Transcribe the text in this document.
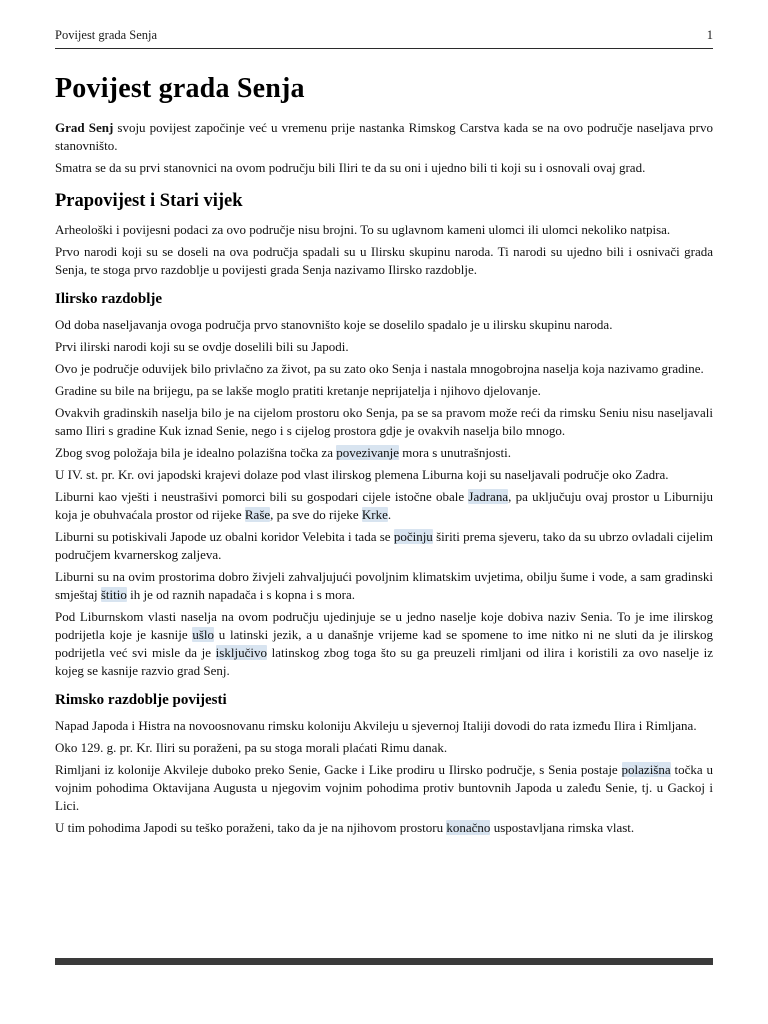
Povijest grada Senja	1
Povijest grada Senja

Grad Senj svoju povijest započinje već u vremenu prije nastanka Rimskog Carstva kada se na ovo područje naseljava prvo stanovništo.

Smatra se da su prvi stanovnici na ovom području bili Iliri te da su oni i ujedno bili ti koji su i osnovali ovaj grad.

Prapovijest i Stari vijek

Arheološki i povijesni podaci za ovo područje nisu brojni. To su uglavnom kameni ulomci ili ulomci nekoliko natpisa.

Prvo narodi koji su se doseli na ova područja spadali su u Ilirsku skupinu naroda. Ti narodi su ujedno bili i osnivači grada Senja, te stoga prvo razdoblje u povijesti grada Senja nazivamo Ilirsko razdoblje.

Ilirsko razdoblje

Od doba naseljavanja ovoga područja prvo stanovništo koje se doselilo spadalo je u ilirsku skupinu naroda.

Prvi ilirski narodi koji su se ovdje doselili bili su Japodi.

Ovo je područje oduvijek bilo privlačno za život, pa su zato oko Senja i nastala mnogobrojna naselja koja nazivamo gradine.

Gradine su bile na brijegu, pa se lakše moglo pratiti kretanje neprijatelja i njihovo djelovanje.

Ovakvih gradinskih naselja bilo je na cijelom prostoru oko Senja, pa se sa pravom može reći da rimsku Seniu nisu naseljavali samo Iliri s gradine Kuk iznad Senie, nego i s cijelog prostora gdje je ovakvih naselja bilo mnogo.

Zbog svog položaja bila je idealno polazišna točka za povezivanje mora s unutrašnjosti.

U IV. st. pr. Kr. ovi japodski krajevi dolaze pod vlast ilirskog plemena Liburna koji su naseljavali područje oko Zadra.

Liburni kao vješti i neustrašivi pomorci bili su gospodari cijele istočne obale Jadrana, pa uključuju ovaj prostor u Liburniju koja je obuhvaćala prostor od rijeke Raše, pa sve do rijeke Krke.

Liburni su potiskivali Japode uz obalni koridor Velebita i tada se počinju širiti prema sjeveru, tako da su ubrzo ovladali cijelim područjem kvarnerskog zaljeva.

Liburni su na ovim prostorima dobro živjeli zahvaljujući povoljnim klimatskim uvjetima, obilju šume i vode, a sam gradinski smještaj štitio ih je od raznih napadača i s kopna i s mora.

Pod Liburnskom vlasti naselja na ovom području ujedinjuje se u jedno naselje koje dobiva naziv Senia. To je ime ilirskog podrijetla koje je kasnije ušlo u latinski jezik, a u današnje vrijeme kad se spomene to ime nitko ni ne sluti da je ilirskog podrijetla već svi misle da je isključivo latinskog zbog toga što su ga preuzeli rimljani od ilira i koristili za ovo naselje iz kojeg se kasnije razvio grad Senj.

Rimsko razdoblje povijesti

Napad Japoda i Histra na novoosnovanu rimsku koloniju Akvileju u sjevernoj Italiji dovodi do rata između Ilira i Rimljana.

Oko 129. g. pr. Kr. Iliri su poraženi, pa su stoga morali plaćati Rimu danak.

Rimljani iz kolonije Akvileje duboko preko Senie, Gacke i Like prodiru u Ilirsko područje, s Senia postaje polazišna točka u vojnim pohodima Oktavijana Augusta u njegovim vojnim pohodima protiv buntovnih Japoda u zaleđu Senie, tj. u Gackoj i Lici.

U tim pohodima Japodi su teško poraženi, tako da je na njihovom prostoru konačno uspostavljana rimska vlast.
